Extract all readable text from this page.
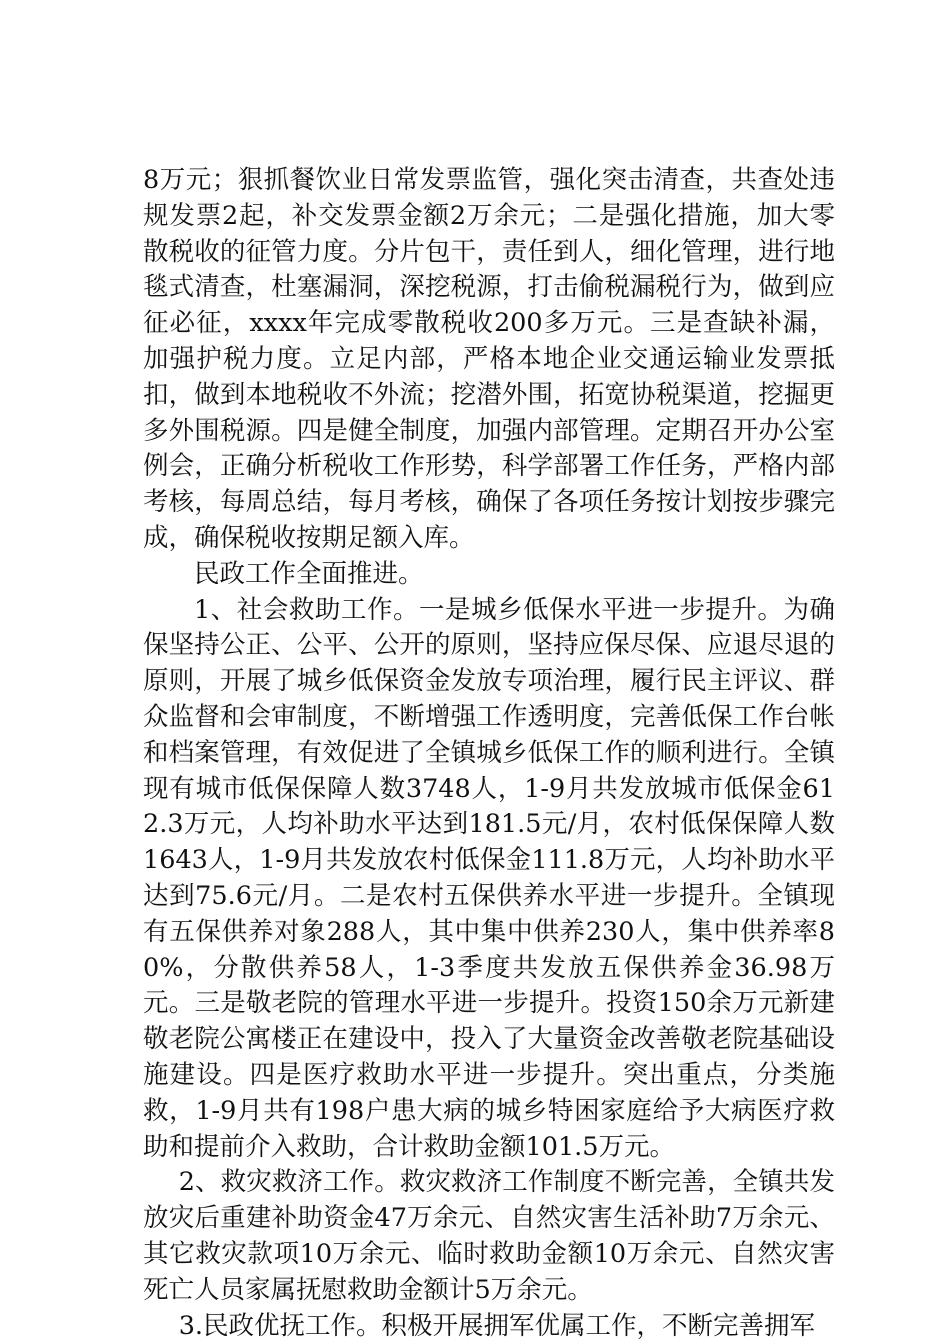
8万元；狠抓餐饮业日常发票监管，强化突击清查，共查处违规发票2起，补交发票金额2万余元；二是强化措施，加大零散税收的征管力度。分片包干，责任到人，细化管理，进行地毯式清查，杜塞漏洞，深挖税源，打击偷税漏税行为，做到应征必征，xxxx年完成零散税收200多万元。三是查缺补漏，加强护税力度。立足内部，严格本地企业交通运输业发票抵扣，做到本地税收不外流；挖潜外围，拓宽协税渠道，挖掘更多外围税源。四是健全制度，加强内部管理。定期召开办公室例会，正确分析税收工作形势，科学部署工作任务，严格内部考核，每周总结，每月考核，确保了各项任务按计划按步骤完成，确保税收按期足额入库。

民政工作全面推进。

1、社会救助工作。一是城乡低保水平进一步提升。为确保坚持公正、公平、公开的原则，坚持应保尽保、应退尽退的原则，开展了城乡低保资金发放专项治理，履行民主评议、群众监督和会审制度，不断增强工作透明度，完善低保工作台帐和档案管理，有效促进了全镇城乡低保工作的顺利进行。全镇现有城市低保保障人数3748人，1-9月共发放城市低保金612.3万元，人均补助水平达到181.5元/月，农村低保保障人数1643人，1-9月共发放农村低保金111.8万元，人均补助水平达到75.6元/月。二是农村五保供养水平进一步提升。全镇现有五保供养对象288人，其中集中供养230人，集中供养率80%，分散供养58人，1-3季度共发放五保供养金36.98万元。三是敬老院的管理水平进一步提升。投资150余万元新建敬老院公寓楼正在建设中，投入了大量资金改善敬老院基础设施建设。四是医疗救助水平进一步提升。突出重点，分类施救，1-9月共有198户患大病的城乡特困家庭给予大病医疗救助和提前介入救助，合计救助金额101.5万元。

2、救灾救济工作。救灾救济工作制度不断完善，全镇共发放灾后重建补助资金47万余元、自然灾害生活补助7万余元、其它救灾款项10万余元、临时救助金额10万余元、自然灾害死亡人员家属抚慰救助金额计5万余元。

3.民政优抚工作。积极开展拥军优属工作，不断完善拥军
